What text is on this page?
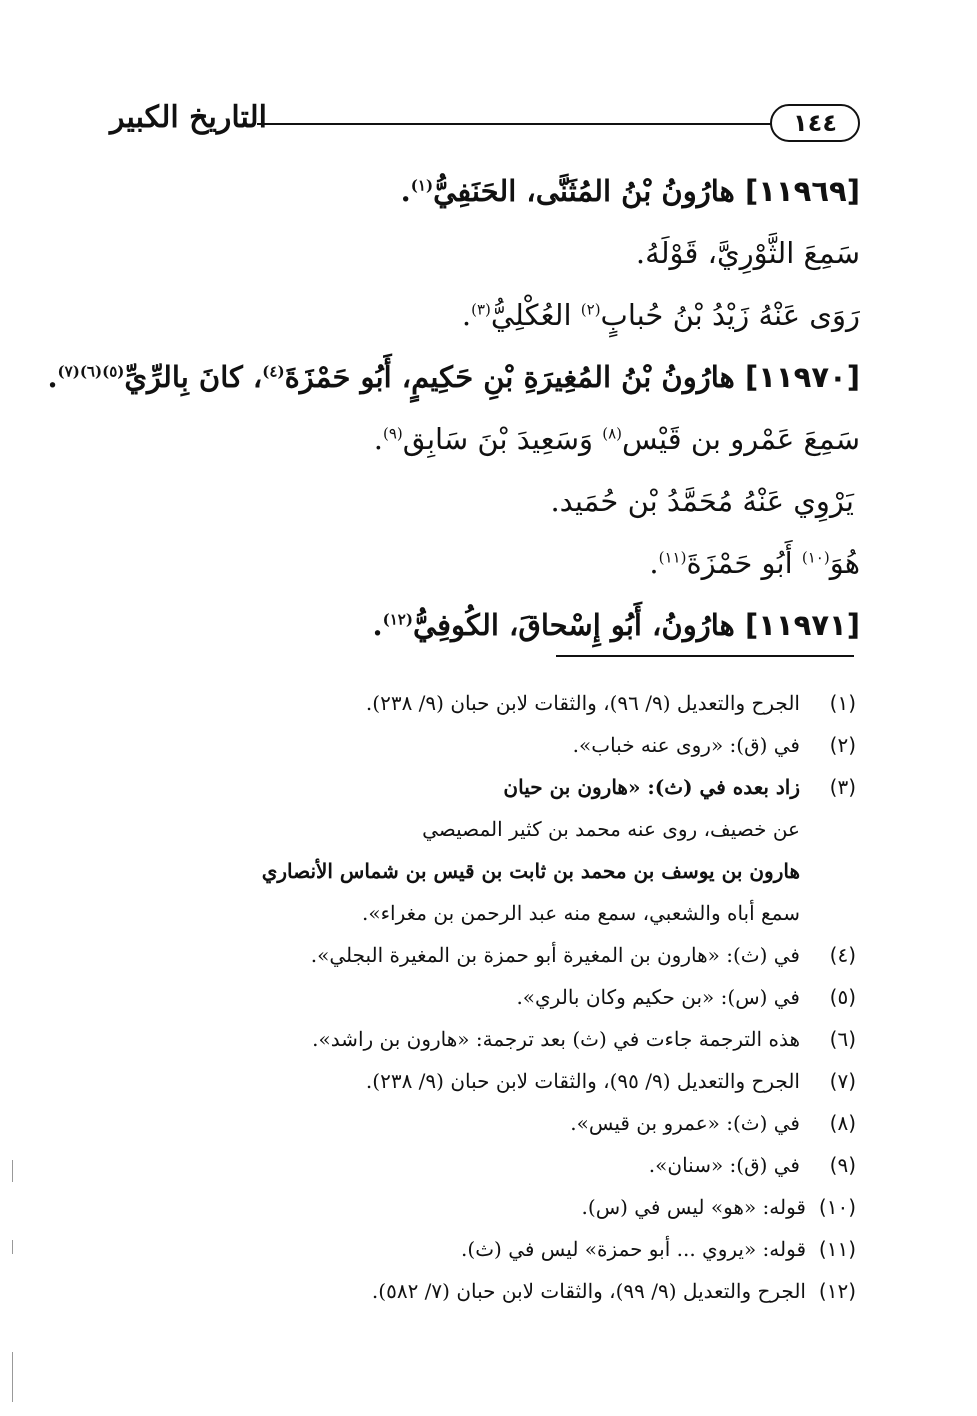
التاريخ الكبير	١٤٤
[١١٩٦٩] هارُونُ بْنُ المُثَنَّى، الحَنَفِيُّ$^{(١)}$.
سَمِعَ الثَّوْرِيَّ، قَوْلَهُ.
رَوَى عَنْهُ زَيْدُ بْنُ حُبابٍ$^{(٢)}$ العُكْلِيُّ$^{(٣)}$.
[١١٩٧٠] هارُونُ بْنُ المُغِيرَةِ بْنِ حَكِيمٍ، أَبُو حَمْزَةَ$^{(٤)}$، كانَ بِالرِّيِّ$^{(٥)(٦)(٧)}$.
سَمِعَ عَمْرو بن قَيْس$^{(٨)}$ وَسَعِيدَ بْنَ سَابِق$^{(٩)}$.
يَرْوِي عَنْهُ مُحَمَّدُ بْن حُمَيد.
هُوَ$^{(١٠)}$ أَبُو حَمْزَةَ$^{(١١)}$.
[١١٩٧١] هارُونُ، أَبُو إِسْحاقَ، الكُوفِيُّ$^{(١٢)}$.
(١)
الجرح والتعديل (٩/ ٩٦)، والثقات لابن حبان (٩/ ٢٣٨).
(٢)
في (ق): «روى عنه خباب».
(٣)
زاد بعده في (ث): «هارون بن حيان
عن خصيف، روى عنه محمد بن كثير المصيصي
هارون بن يوسف بن محمد بن ثابت بن قيس بن شماس الأنصاري
سمع أباه والشعبي، سمع منه عبد الرحمن بن مغراء».
(٤)
في (ث): «هارون بن المغيرة أبو حمزة بن المغيرة البجلي».
(٥)
في (س): «بن حكيم وكان بالري».
(٦)
هذه الترجمة جاءت في (ث) بعد ترجمة: «هارون بن راشد».
(٧)
الجرح والتعديل (٩/ ٩٥)، والثقات لابن حبان (٩/ ٢٣٨).
(٨)
في (ث): «عمرو بن قيس».
(٩)
في (ق): «سنان».
(١٠)
قوله: «هو» ليس في (س).
(١١)
قوله: «يروي ... أبو حمزة» ليس في (ث).
(١٢)
الجرح والتعديل (٩/ ٩٩)، والثقات لابن حبان (٧/ ٥٨٢).
